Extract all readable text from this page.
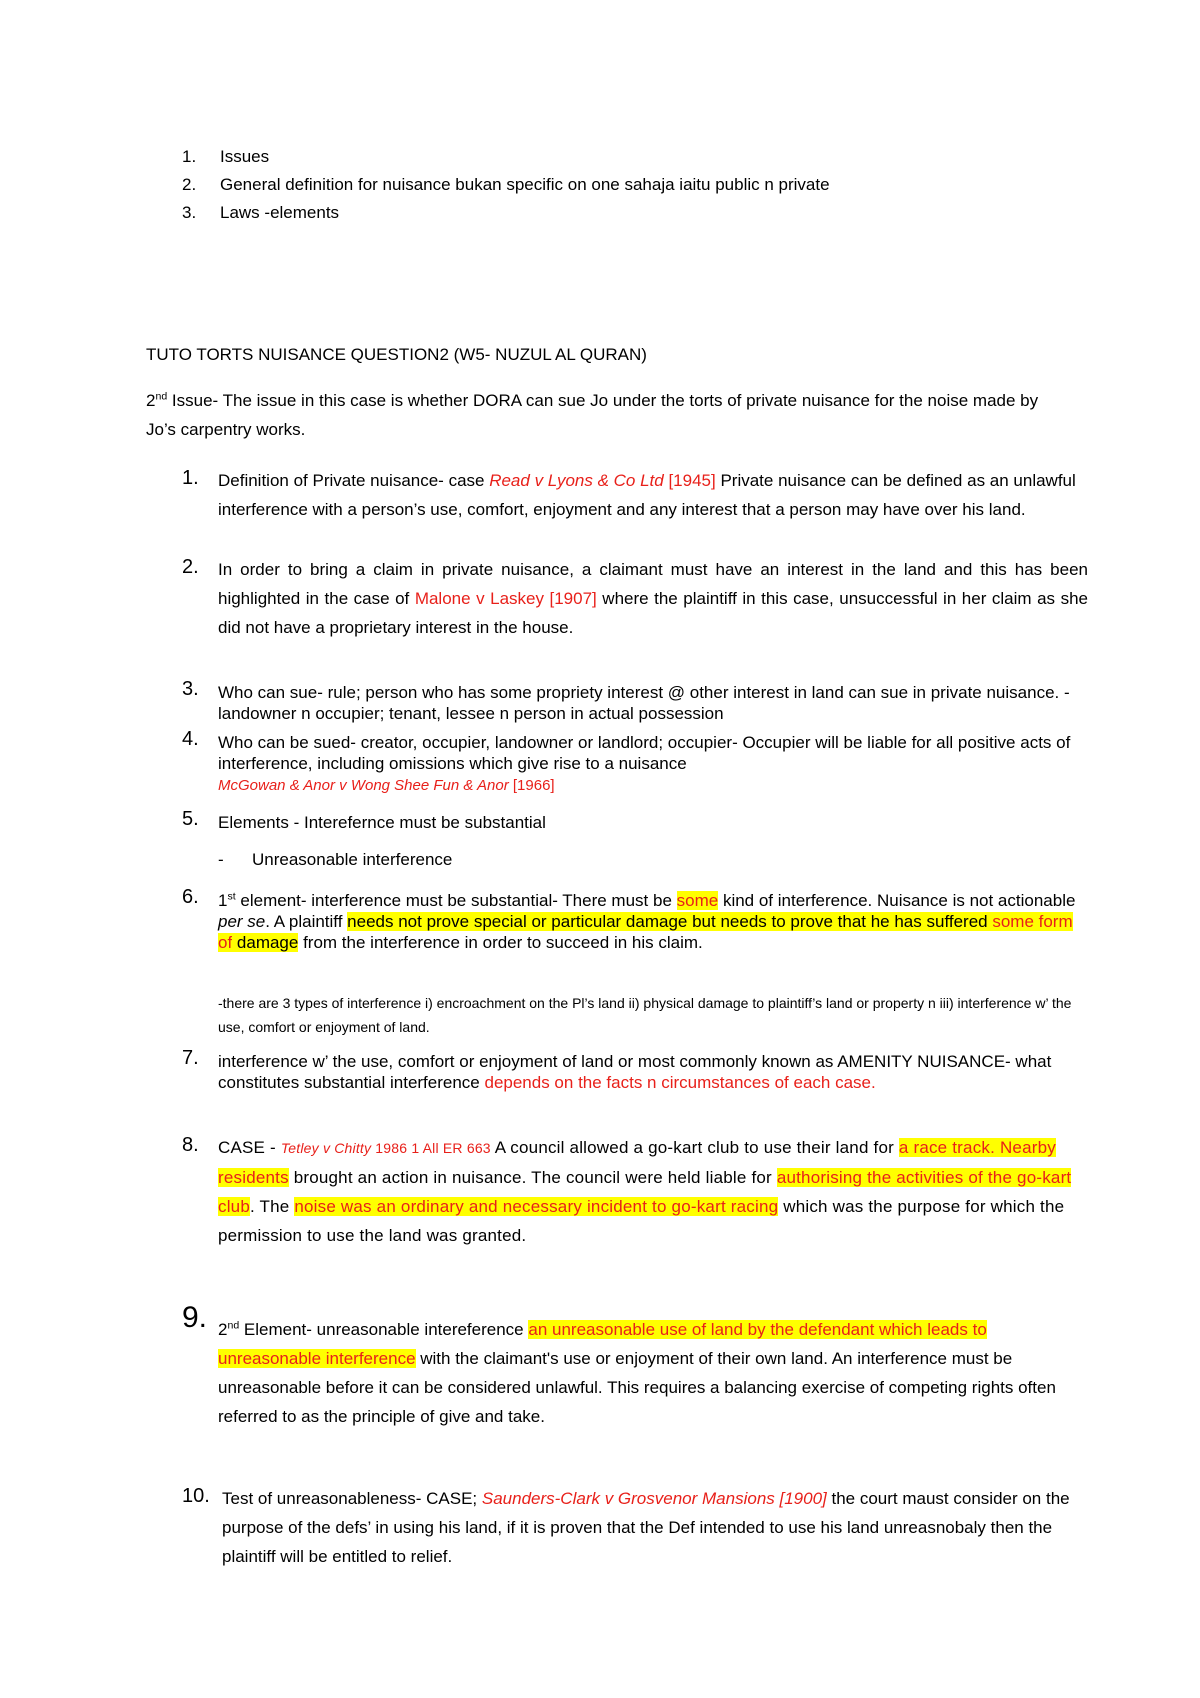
1. Issues
2. General definition for nuisance bukan specific on one sahaja iaitu public n private
3. Laws -elements
TUTO TORTS NUISANCE QUESTION2 (W5- NUZUL AL QURAN)
2nd Issue- The issue in this case is whether DORA can sue Jo under the torts of private nuisance for the noise made by Jo’s carpentry works.
1. Definition of Private nuisance- case Read v Lyons & Co Ltd [1945] Private nuisance can be defined as an unlawful interference with a person’s use, comfort, enjoyment and any interest that a person may have over his land.
2. In order to bring a claim in private nuisance, a claimant must have an interest in the land and this has been highlighted in the case of Malone v Laskey [1907] where the plaintiff in this case, unsuccessful in her claim as she did not have a proprietary interest in the house.
3. Who can sue- rule; person who has some propriety interest @ other interest in land can sue in private nuisance. -landowner n occupier; tenant, lessee n person in actual possession
4. Who can be sued- creator, occupier, landowner or landlord; occupier- Occupier will be liable for all positive acts of interference, including omissions which give rise to a nuisance
McGowan & Anor v Wong Shee Fun & Anor [1966]
5. Elements - Interefernce must be substantial
- Unreasonable interference
6. 1st element- interference must be substantial- There must be some kind of interference. Nuisance is not actionable per se. A plaintiff needs not prove special or particular damage but needs to prove that he has suffered some form of damage from the interference in order to succeed in his claim.
-there are 3 types of interference i) encroachment on the Pl’s land ii) physical damage to plaintiff’s land or property n iii) interference w’ the use, comfort or enjoyment of land.
7. interference w’ the use, comfort or enjoyment of land or most commonly known as AMENITY NUISANCE- what constitutes substantial interference depends on the facts n circumstances of each case.
8. CASE - Tetley v Chitty 1986 1 All ER 663 A council allowed a go-kart club to use their land for a race track. Nearby residents brought an action in nuisance. The council were held liable for authorising the activities of the go-kart club. The noise was an ordinary and necessary incident to go-kart racing which was the purpose for which the permission to use the land was granted.
9. 2nd Element- unreasonable intereference an unreasonable use of land by the defendant which leads to unreasonable interference with the claimant's use or enjoyment of their own land. An interference must be unreasonable before it can be considered unlawful. This requires a balancing exercise of competing rights often referred to as the principle of give and take.
10. Test of unreasonableness- CASE; Saunders-Clark v Grosvenor Mansions [1900] the court maust consider on the purpose of the defs’ in using his land, if it is proven that the Def intended to use his land unreasnobaly then the plaintiff will be entitled to relief.
